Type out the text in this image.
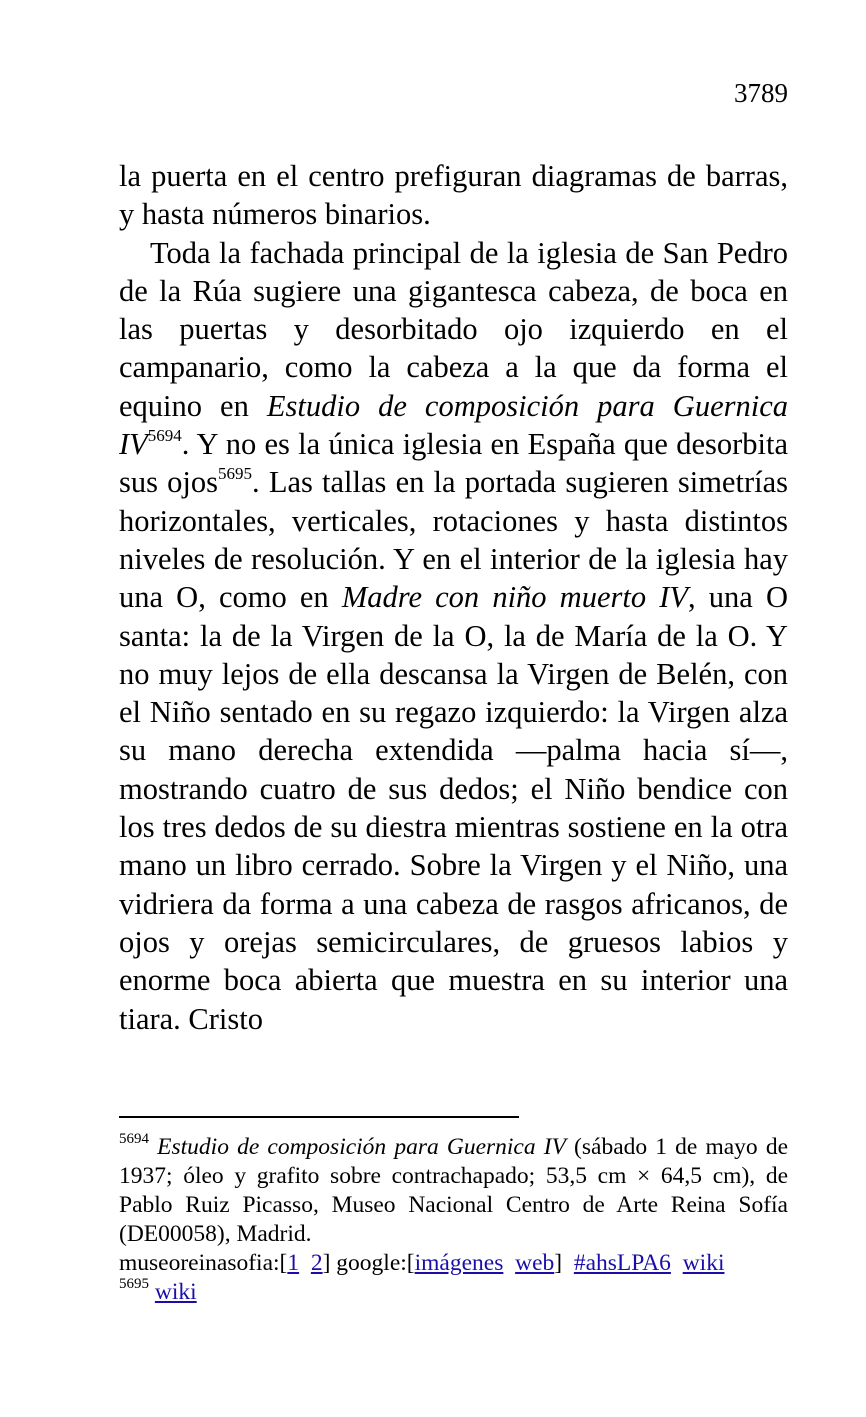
3789

la puerta en el centro prefiguran diagramas de barras, y hasta números binarios.

Toda la fachada principal de la iglesia de San Pedro de la Rúa sugiere una gigantesca cabeza, de boca en las puertas y desorbitado ojo izquierdo en el campanario, como la cabeza a la que da forma el equino en Estudio de composición para Guernica IV$^{5694}$. Y no es la única iglesia en España que desorbita sus ojos$^{5695}$. Las tallas en la portada sugieren simetrías horizontales, verticales, rotaciones y hasta distintos niveles de resolución. Y en el interior de la iglesia hay una O, como en Madre con niño muerto IV, una O santa: la de la Virgen de la O, la de María de la O. Y no muy lejos de ella descansa la Virgen de Belén, con el Niño sentado en su regazo izquierdo: la Virgen alza su mano derecha extendida —palma hacia sí—, mostrando cuatro de sus dedos; el Niño bendice con los tres dedos de su diestra mientras sostiene en la otra mano un libro cerrado. Sobre la Virgen y el Niño, una vidriera da forma a una cabeza de rasgos africanos, de ojos y orejas semicirculares, de gruesos labios y enorme boca abierta que muestra en su interior una tiara. Cristo

$^{5694}$ Estudio de composición para Guernica IV (sábado 1 de mayo de 1937; óleo y grafito sobre contrachapado; 53,5 cm × 64,5 cm), de Pablo Ruiz Picasso, Museo Nacional Centro de Arte Reina Sofía (DE00058), Madrid.

museoreinasofia:[1 2] google:[imágenes web] #ahsLPA6 wiki

$^{5695}$ wiki
